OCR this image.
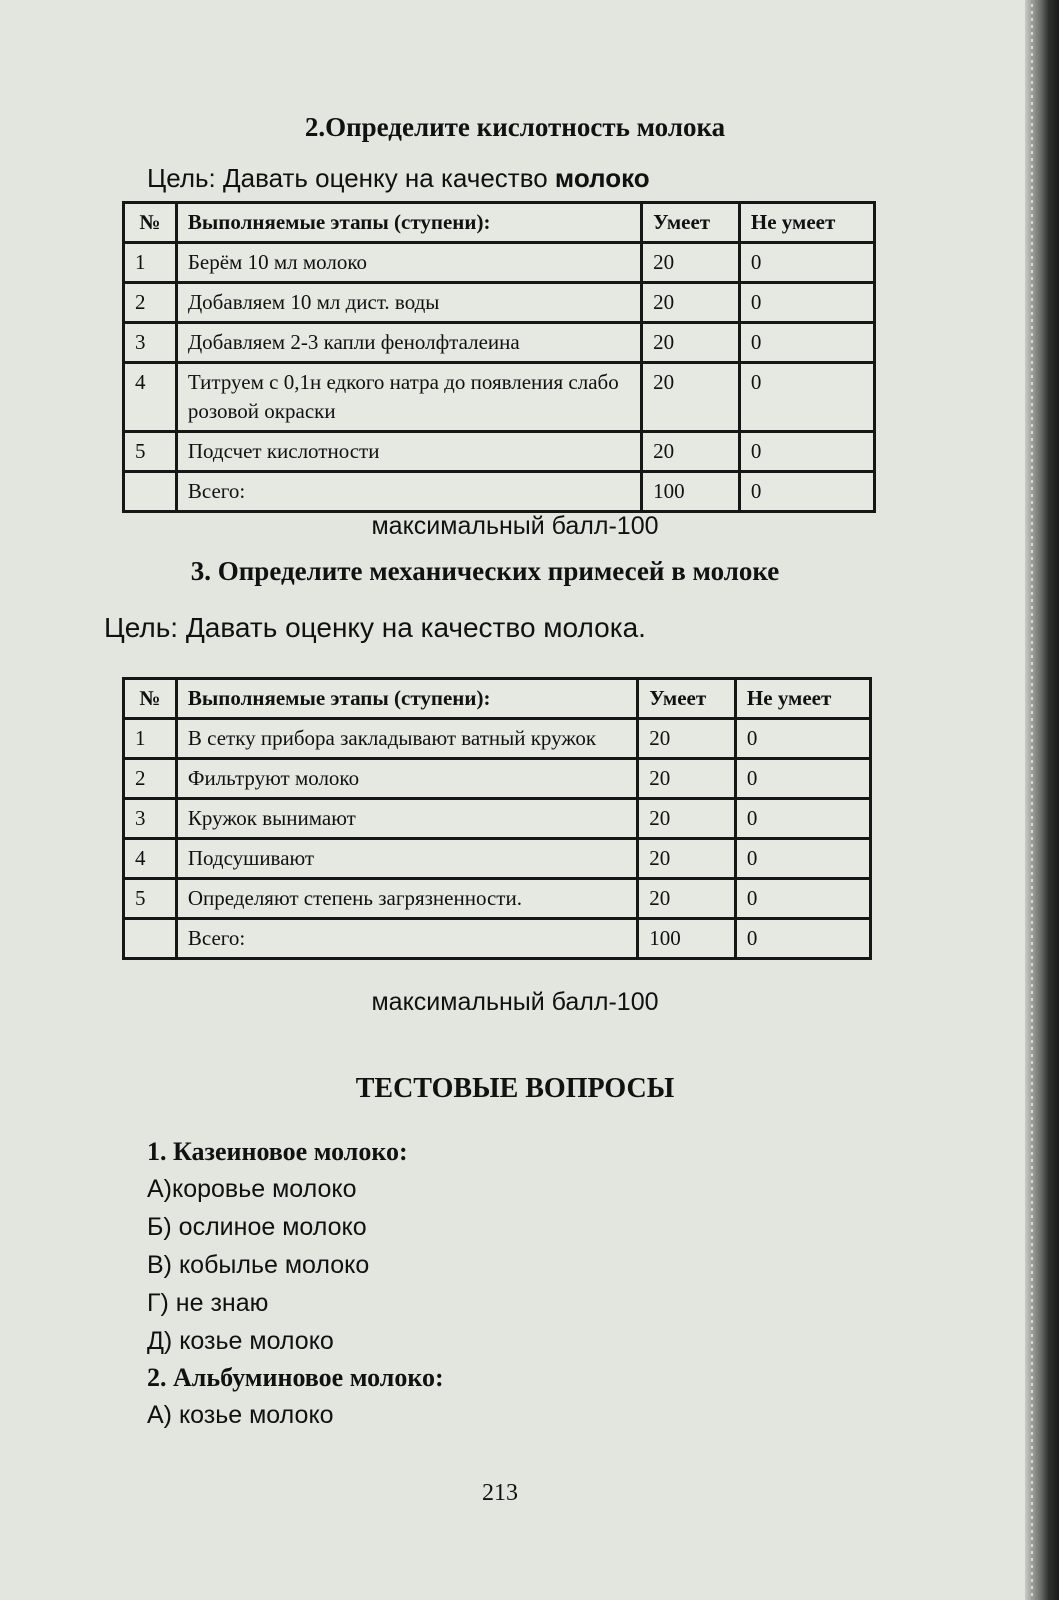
2.Определите кислотность молока
Цель: Давать оценку на качество молоко
№	Выполняемые этапы (ступени):	Умеет	Не умеет
1	Берём 10 мл молоко	20	0
2	Добавляем 10 мл дист. воды	20	0
3	Добавляем 2-3 капли фенолфталеина	20	0
4	Титруем с 0,1н едкого натра до появления слабо розовой окраски	20	0
5	Подсчет кислотности	20	0
	Всего:	100	0
максимальный балл-100
3. Определите механических примесей в молоке
Цель: Давать оценку на качество молока.
№	Выполняемые этапы (ступени):	Умеет	Не умеет
1	В сетку прибора закладывают ватный кружок	20	0
2	Фильтруют молоко	20	0
3	Кружок вынимают	20	0
4	Подсушивают	20	0
5	Определяют степень загрязненности.	20	0
	Всего:	100	0
максимальный балл-100
ТЕСТОВЫЕ ВОПРОСЫ
1. Казеиновое молоко:
А)коровье молоко
Б) ослиное молоко
В) кобылье молоко
Г) не знаю
Д) козье молоко
2. Альбуминовое молоко:
А) козье молоко
213
